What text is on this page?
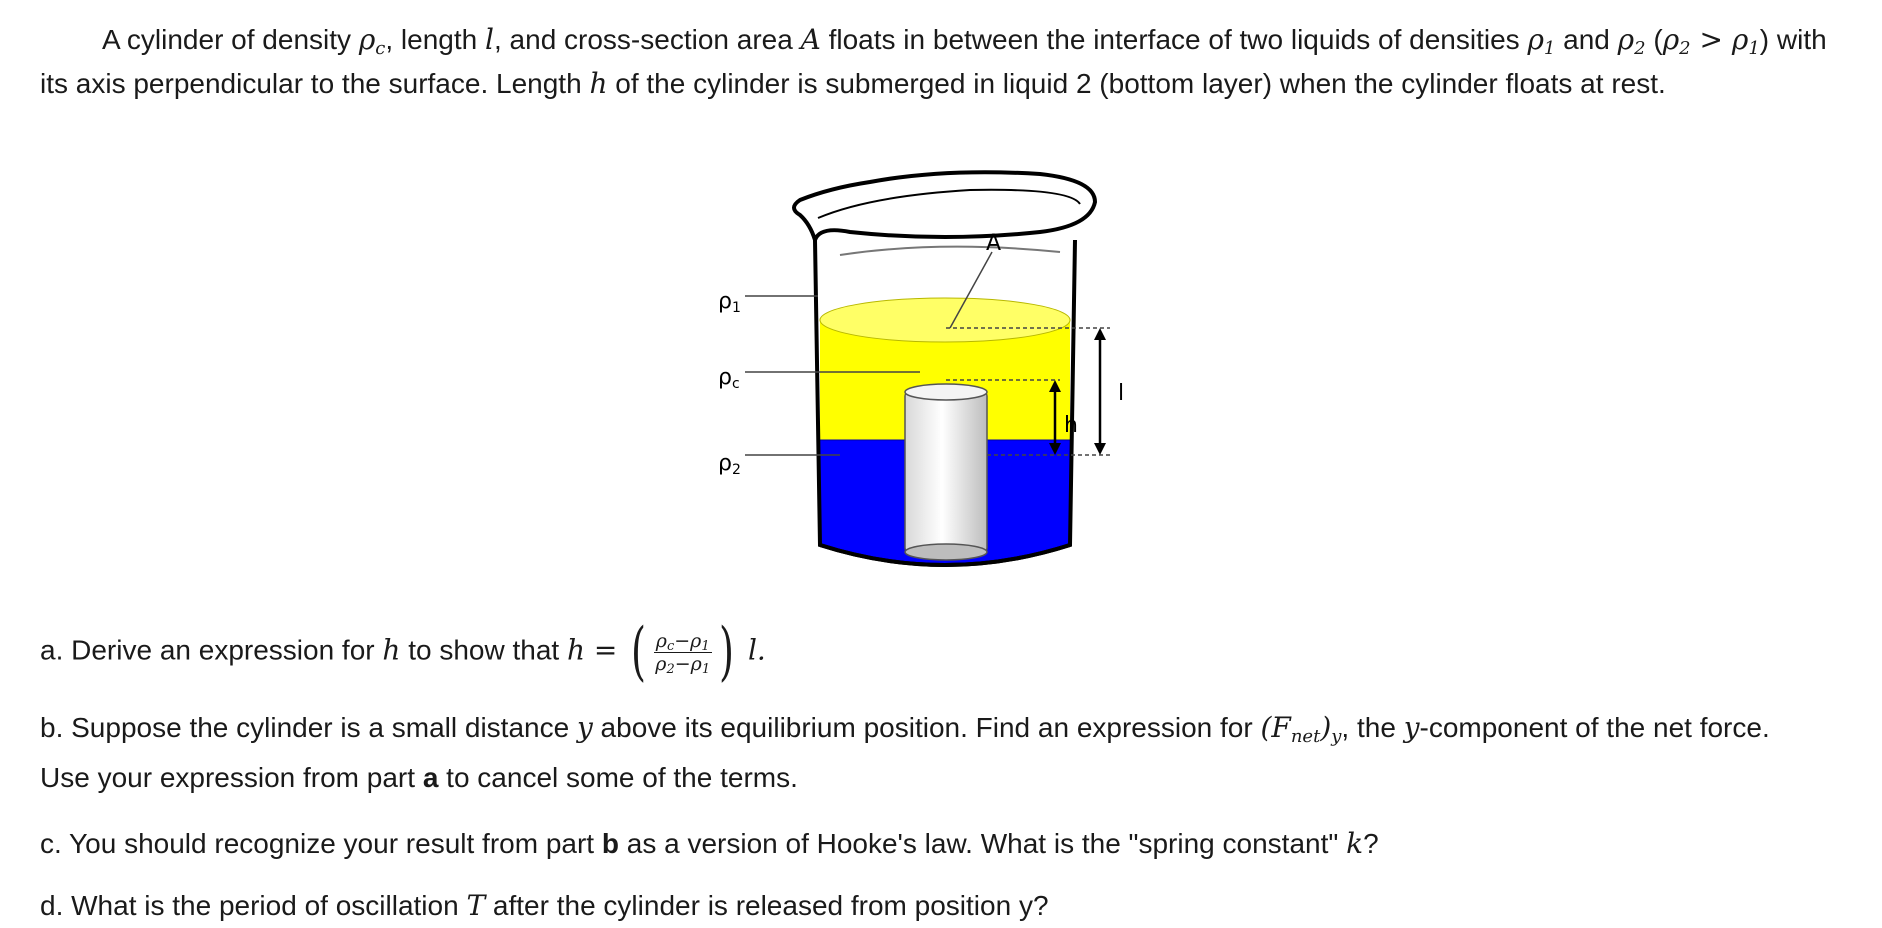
A cylinder of density $\rho_c$, length l, and cross-section area A floats in between the interface of two liquids of densities $\rho_1$ and $\rho_2$ $(\rho_2 > \rho_1)$ with its axis perpendicular to the surface. Length h of the cylinder is submerged in liquid 2 (bottom layer) when the cylinder floats at rest.
ρ1
ρc
ρ2
A
h
l
a. Derive an expression for h to show that h = ( $\frac{\rho_c-\rho_1}{\rho_2-\rho_1}$ ) l.
b. Suppose the cylinder is a small distance y above its equilibrium position. Find an expression for $(F_{net})_y$, the y-component of the net force.
Use your expression from part a to cancel some of the terms.
c. You should recognize your result from part b as a version of Hooke's law. What is the "spring constant" k?
d. What is the period of oscillation T after the cylinder is released from position y?
